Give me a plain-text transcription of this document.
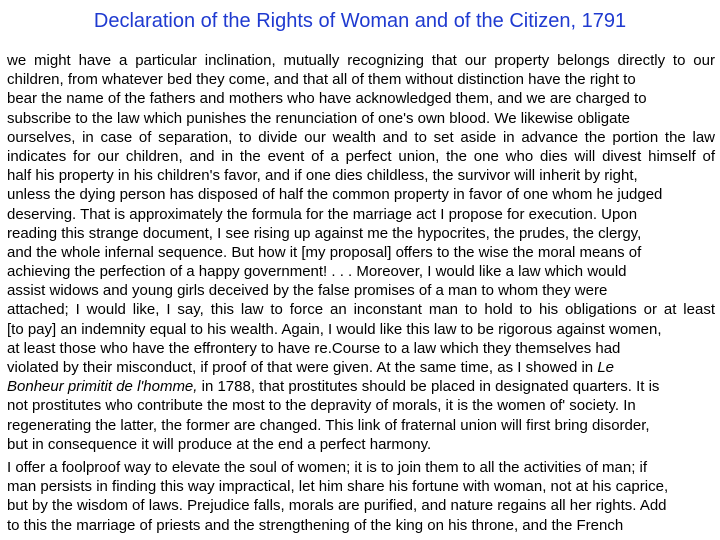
Declaration of the Rights of Woman and of the Citizen, 1791
we might have a particular inclination, mutually recognizing that our property belongs directly to our
children, from whatever bed they come, and that all of them without distinction have the right to
bear the name of the fathers and mothers who have acknowledged them, and we are charged to
subscribe to the law which punishes the renunciation of one's own blood. We likewise obligate
ourselves, in case of separation, to divide our wealth and to set aside in advance the portion the law
indicates for our children, and in the event of a perfect union, the one who dies will divest himself of
half his property in his children's favor, and if one dies childless, the survivor will inherit by right,
unless the dying person has disposed of half the common property in favor of one whom he judged
deserving. That is approximately the formula for the marriage act I propose for execution. Upon
reading this strange document, I see rising up against me the hypocrites, the prudes, the clergy,
and the whole infernal sequence. But how it [my proposal] offers to the wise the moral means of
achieving the perfection of a happy government! . . . Moreover, I would like a law which would
assist widows and young girls deceived by the false promises of a man to whom they were
attached; I would like, I say, this law to force an inconstant man to hold to his obligations or at least
[to pay] an indemnity equal to his wealth. Again, I would like this law to be rigorous against women,
at least those who have the effrontery to have re.Course to a law which they themselves had
violated by their misconduct, if proof of that were given. At the same time, as I showed in Le
Bonheur primitit de l'homme, in 1788, that prostitutes should be placed in designated quarters. It is
not prostitutes who contribute the most to the depravity of morals, it is the women of' society. In
regenerating the latter, the former are changed. This link of fraternal union will first bring disorder,
but in consequence it will produce at the end a perfect harmony.
I offer a foolproof way to elevate the soul of women; it is to join them to all the activities of man; if
man persists in finding this way impractical, let him share his fortune with woman, not at his caprice,
but by the wisdom of laws. Prejudice falls, morals are purified, and nature regains all her rights. Add
to this the marriage of priests and the strengthening of the king on his throne, and the French
